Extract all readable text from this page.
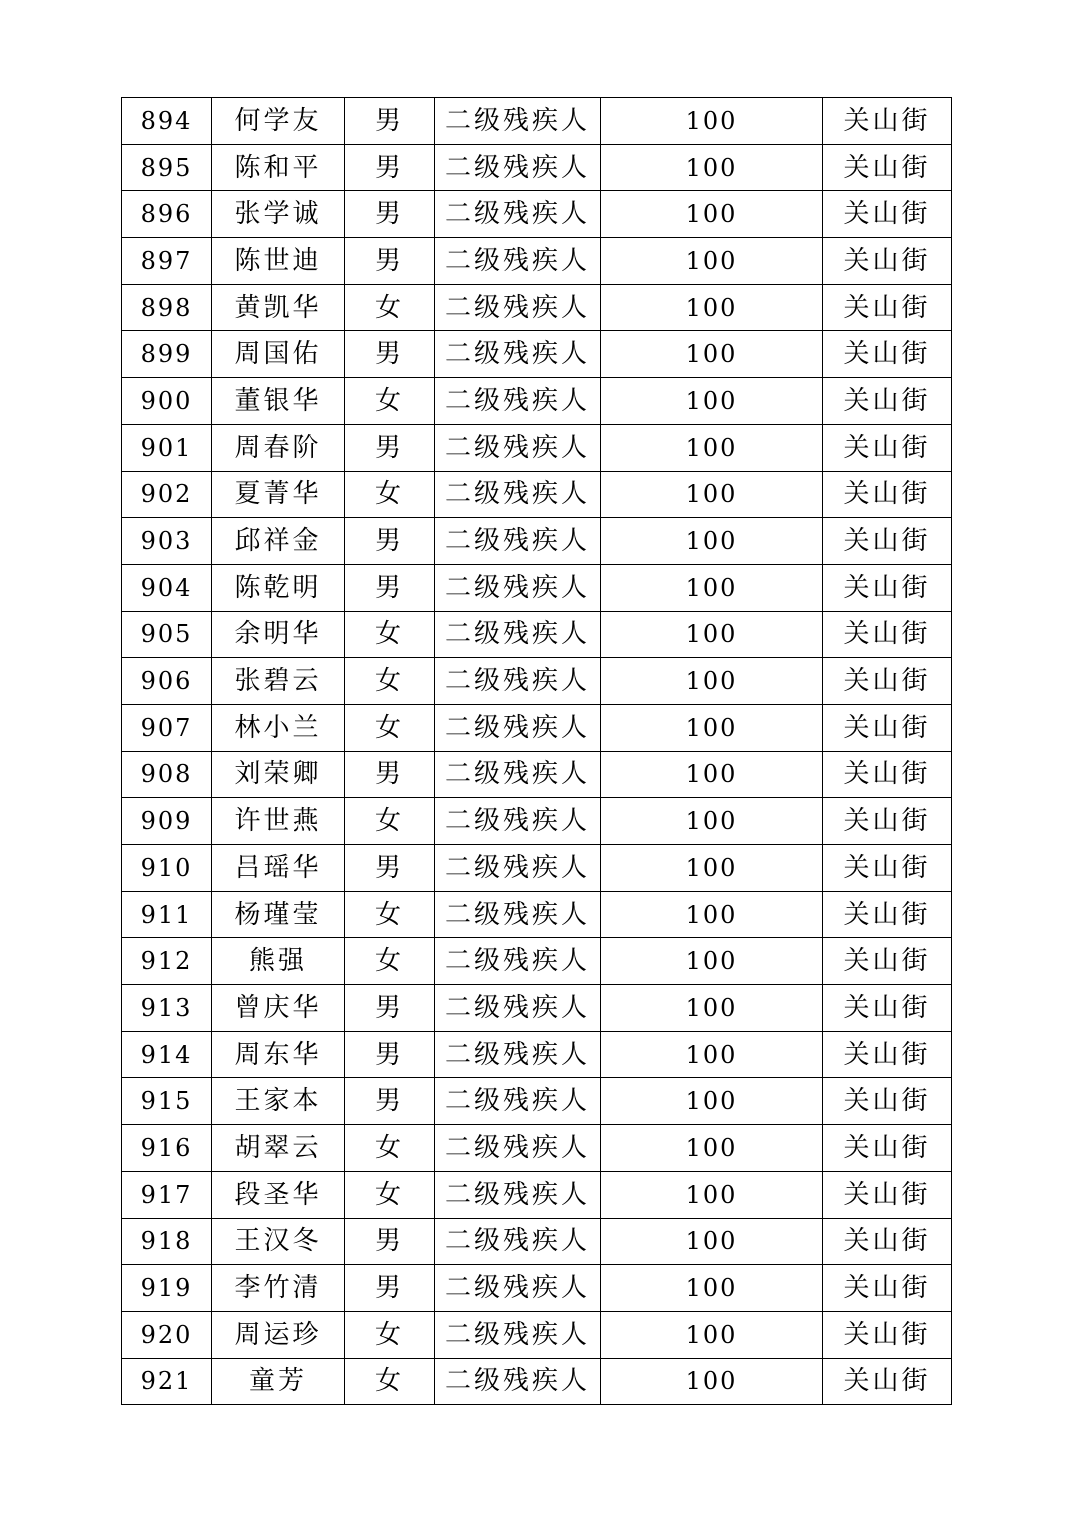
894	何学友	男	二级残疾人	100	关山街
895	陈和平	男	二级残疾人	100	关山街
896	张学诚	男	二级残疾人	100	关山街
897	陈世迪	男	二级残疾人	100	关山街
898	黄凯华	女	二级残疾人	100	关山街
899	周国佑	男	二级残疾人	100	关山街
900	董银华	女	二级残疾人	100	关山街
901	周春阶	男	二级残疾人	100	关山街
902	夏菁华	女	二级残疾人	100	关山街
903	邱祥金	男	二级残疾人	100	关山街
904	陈乾明	男	二级残疾人	100	关山街
905	余明华	女	二级残疾人	100	关山街
906	张碧云	女	二级残疾人	100	关山街
907	林小兰	女	二级残疾人	100	关山街
908	刘荣卿	男	二级残疾人	100	关山街
909	许世燕	女	二级残疾人	100	关山街
910	吕瑶华	男	二级残疾人	100	关山街
911	杨瑾莹	女	二级残疾人	100	关山街
912	熊强	女	二级残疾人	100	关山街
913	曾庆华	男	二级残疾人	100	关山街
914	周东华	男	二级残疾人	100	关山街
915	王家本	男	二级残疾人	100	关山街
916	胡翠云	女	二级残疾人	100	关山街
917	段圣华	女	二级残疾人	100	关山街
918	王汉冬	男	二级残疾人	100	关山街
919	李竹清	男	二级残疾人	100	关山街
920	周运珍	女	二级残疾人	100	关山街
921	童芳	女	二级残疾人	100	关山街
